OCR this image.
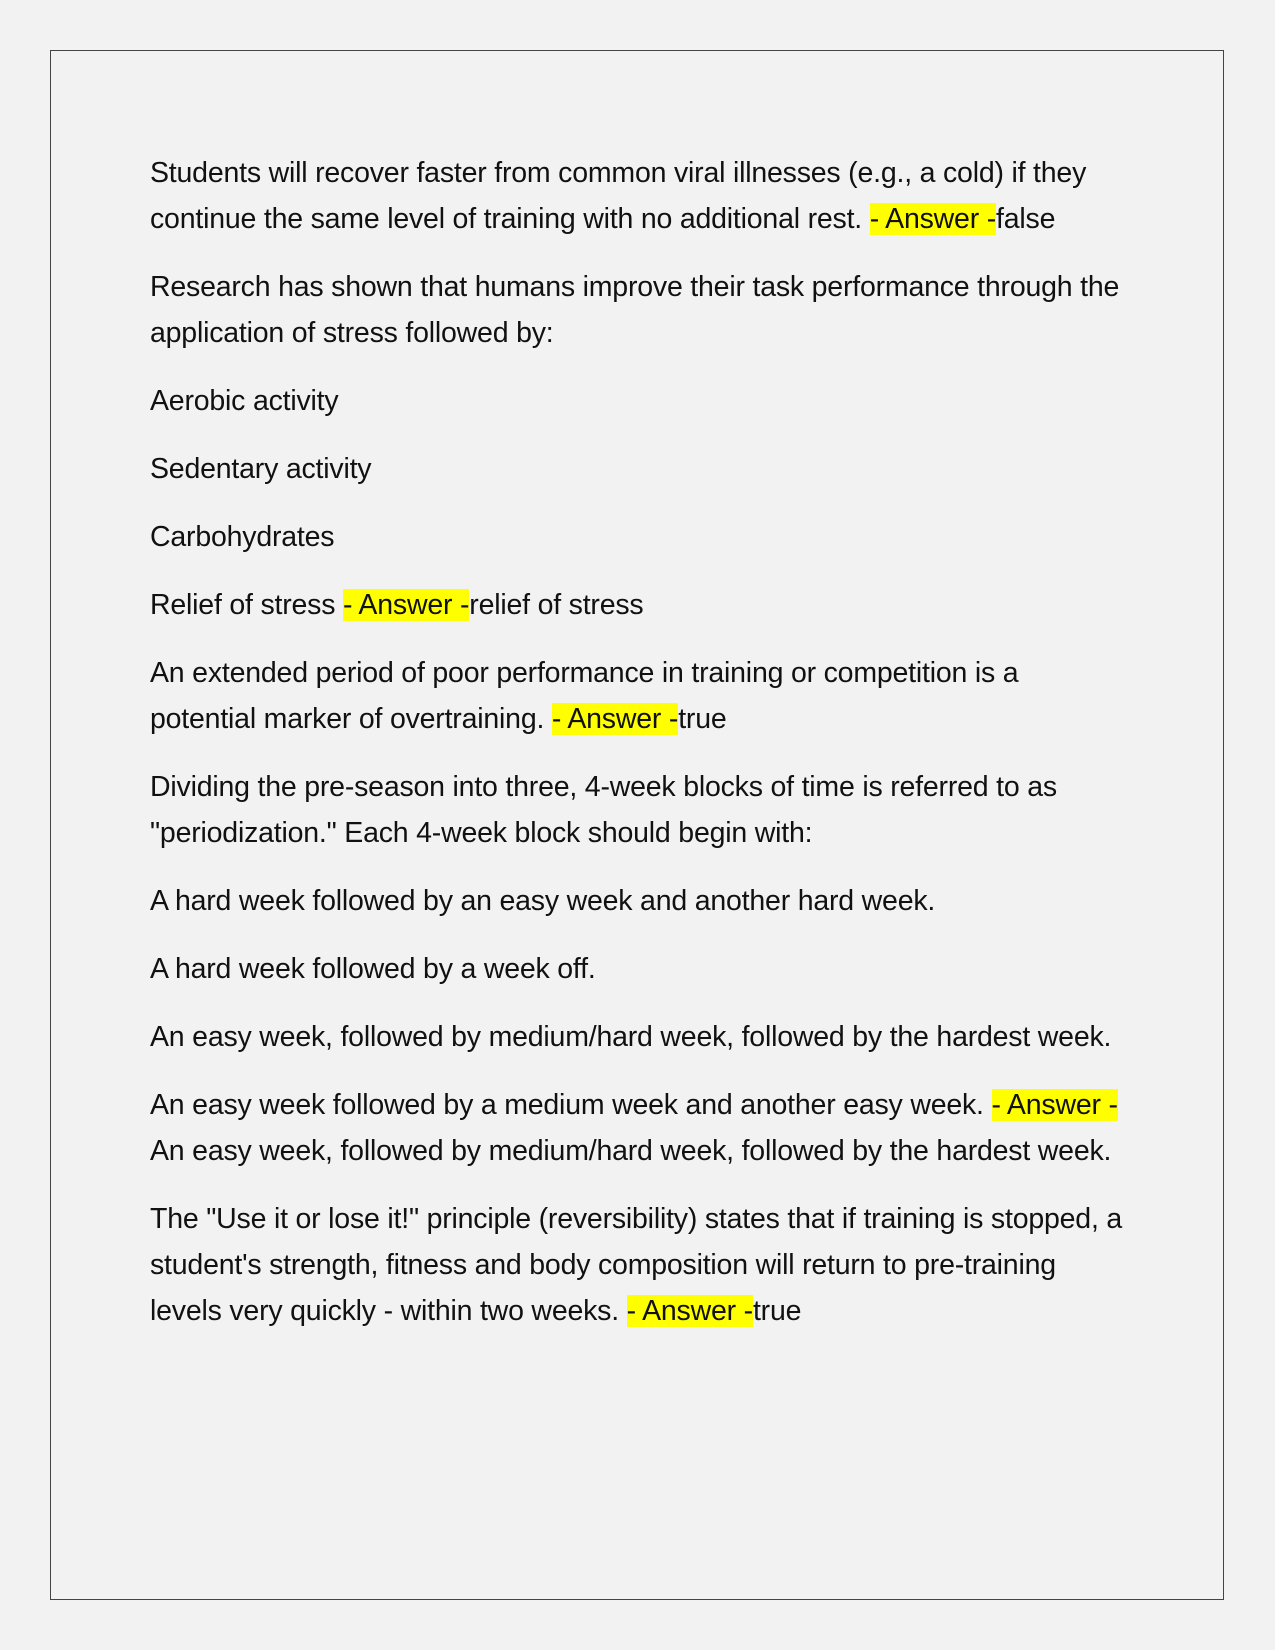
Students will recover faster from common viral illnesses (e.g., a cold) if they continue the same level of training with no additional rest. - Answer -false

Research has shown that humans improve their task performance through the application of stress followed by:

Aerobic activity

Sedentary activity

Carbohydrates

Relief of stress - Answer -relief of stress

An extended period of poor performance in training or competition is a potential marker of overtraining. - Answer -true

Dividing the pre-season into three, 4-week blocks of time is referred to as "periodization." Each 4-week block should begin with:

A hard week followed by an easy week and another hard week.

A hard week followed by a week off.

An easy week, followed by medium/hard week, followed by the hardest week.

An easy week followed by a medium week and another easy week. - Answer -An easy week, followed by medium/hard week, followed by the hardest week.

The "Use it or lose it!" principle (reversibility) states that if training is stopped, a student's strength, fitness and body composition will return to pre-training levels very quickly - within two weeks. - Answer -true
